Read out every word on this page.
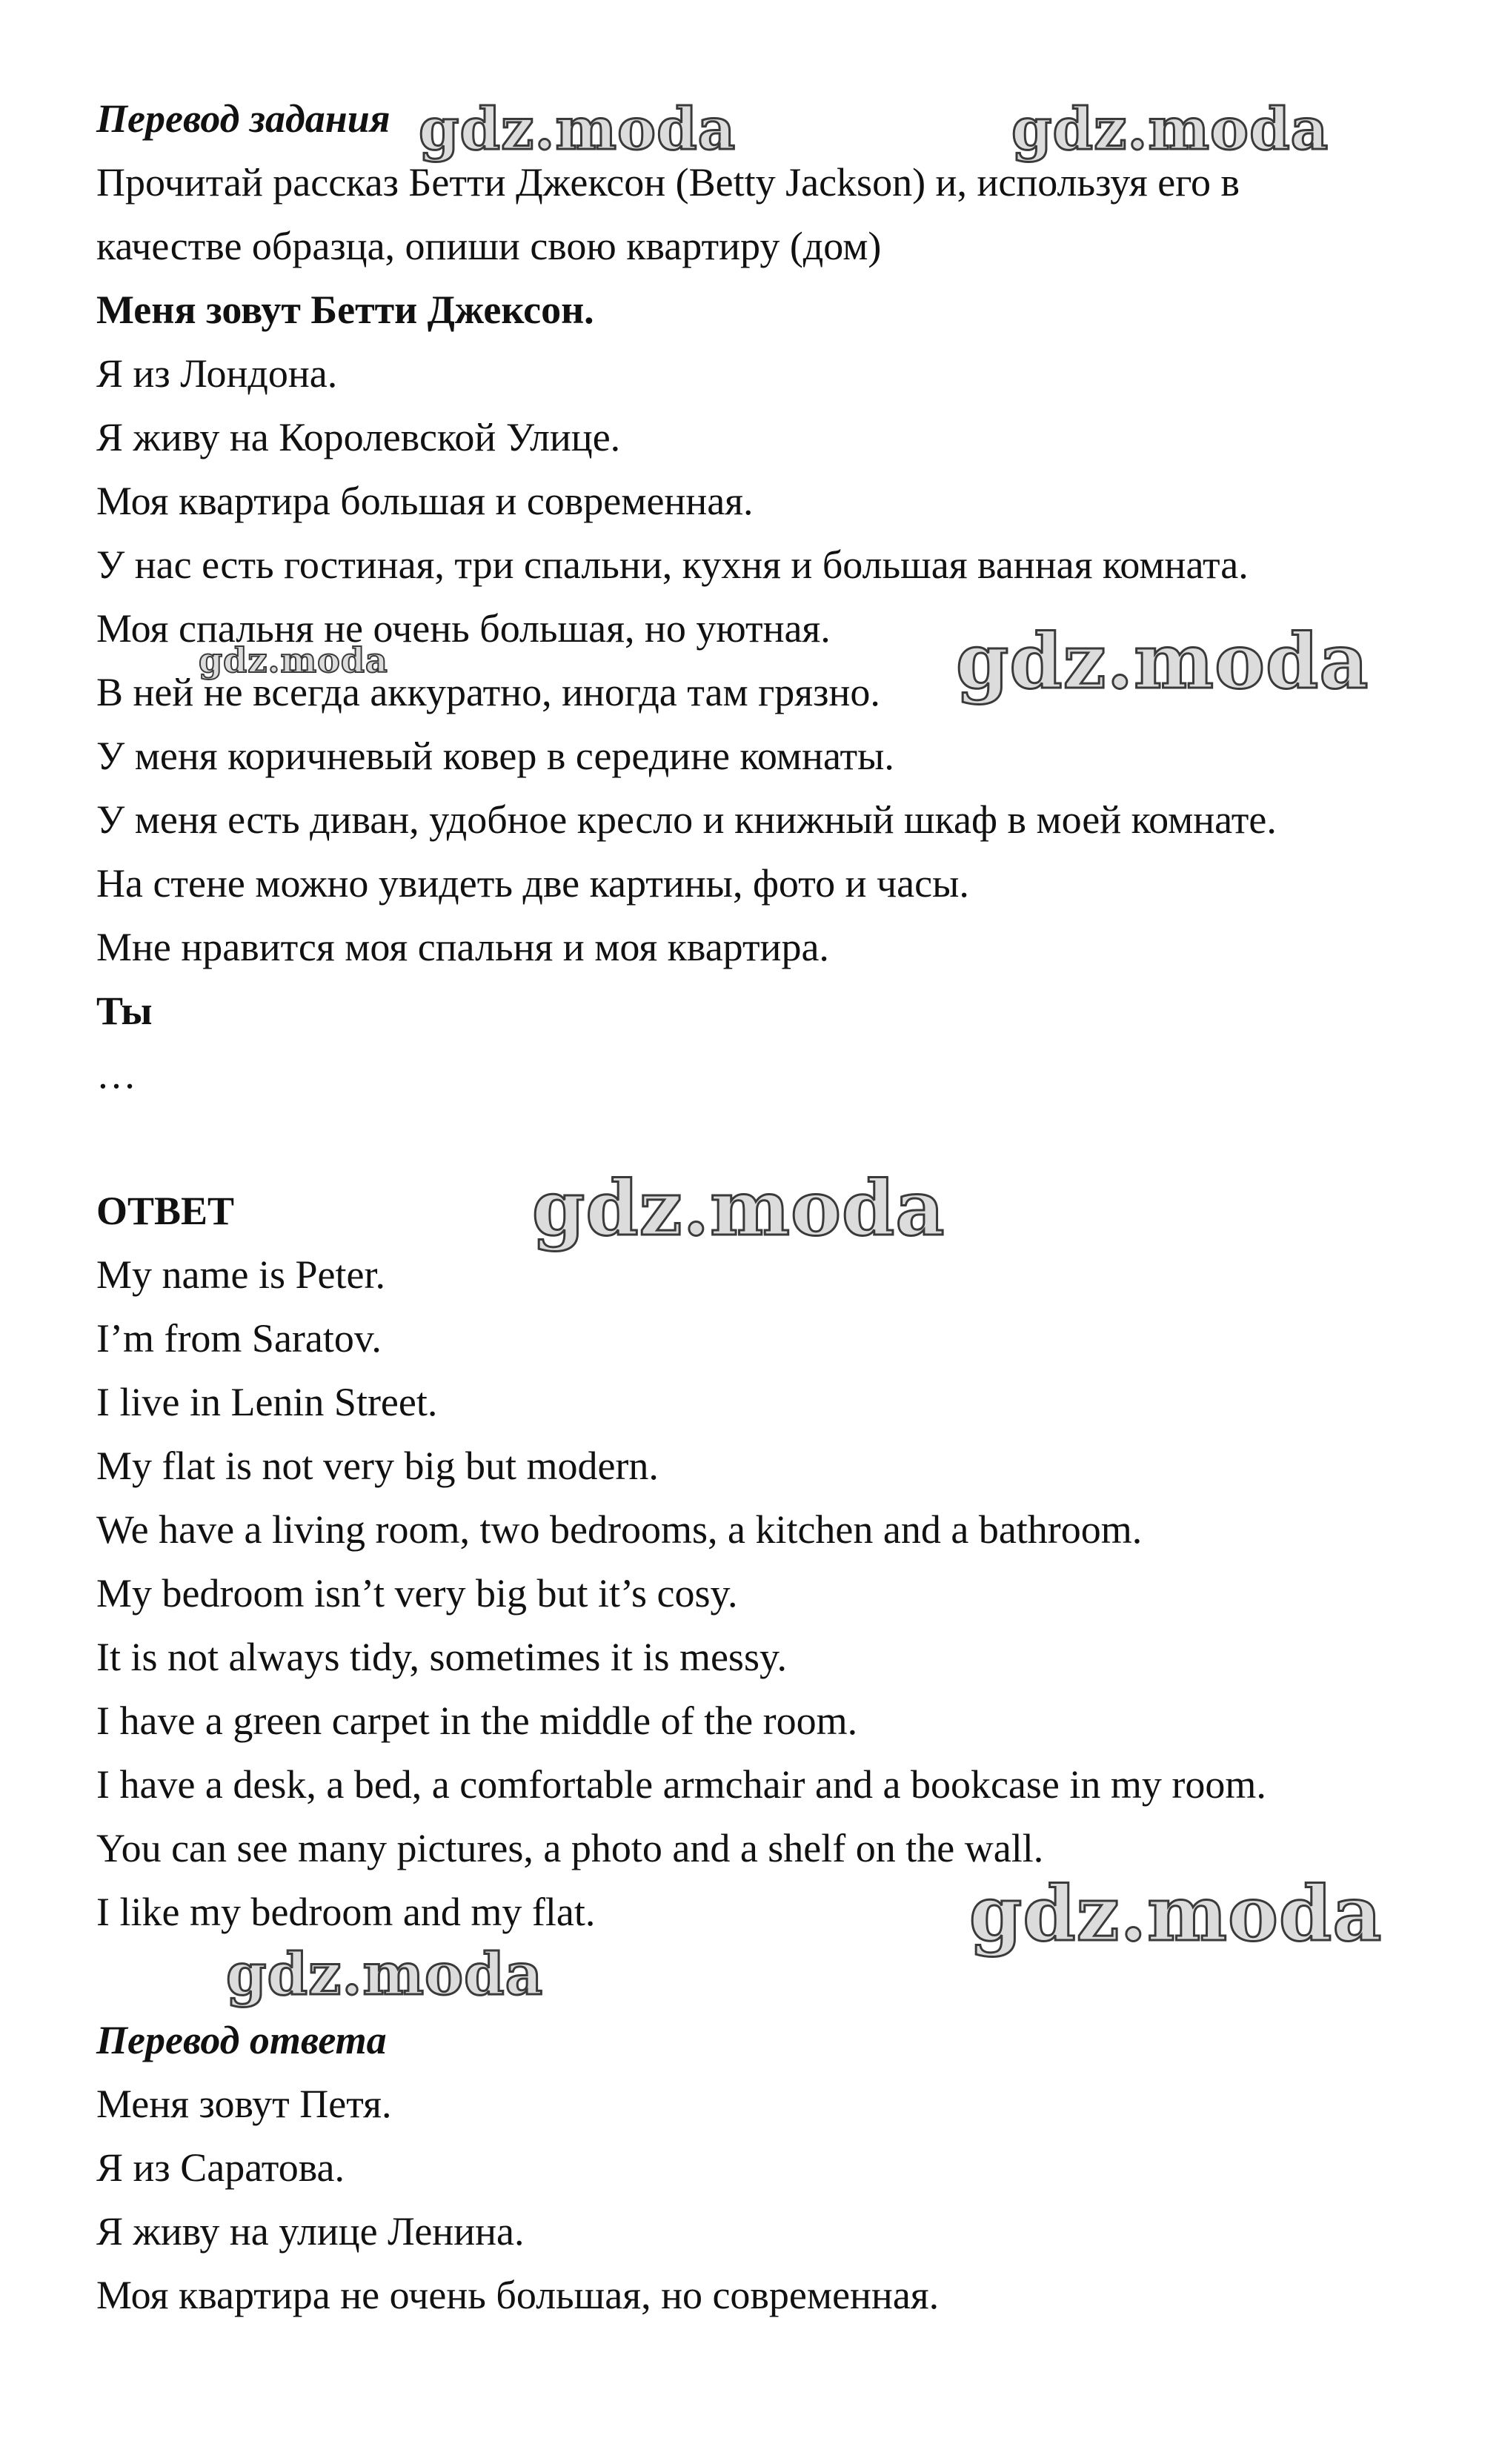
Перевод задания

Прочитай рассказ Бетти Джексон (Betty Jackson) и, используя его в

качестве образца, опиши свою квартиру (дом)

Меня зовут Бетти Джексон.

Я из Лондона.

Я живу на Королевской Улице.

Моя квартира большая и современная.

У нас есть гостиная, три спальни, кухня и большая ванная комната.

Моя спальня не очень большая, но уютная.

В ней не всегда аккуратно, иногда там грязно.

У меня коричневый ковер в середине комнаты.

У меня есть диван, удобное кресло и книжный шкаф в моей комнате.

На стене можно увидеть две картины, фото и часы.

Мне нравится моя спальня и моя квартира.

Ты

…

ОТВЕТ

My name is Peter.

I’m from Saratov.

I live in Lenin Street.

My flat is not very big but modern.

We have a living room, two bedrooms, a kitchen and a bathroom.

My bedroom isn’t very big but it’s cosy.

It is not always tidy, sometimes it is messy.

I have a green carpet in the middle of the room.

I have a desk, a bed, a comfortable armchair and a bookcase in my room.

You can see many pictures, a photo and a shelf on the wall.

I like my bedroom and my flat.

Перевод ответа

Меня зовут Петя.

Я из Саратова.

Я живу на улице Ленина.

Моя квартира не очень большая, но современная.

gdz.moda	gdz.moda
gdz.moda	gdz.moda
gdz.moda
gdz.moda
gdz.moda
